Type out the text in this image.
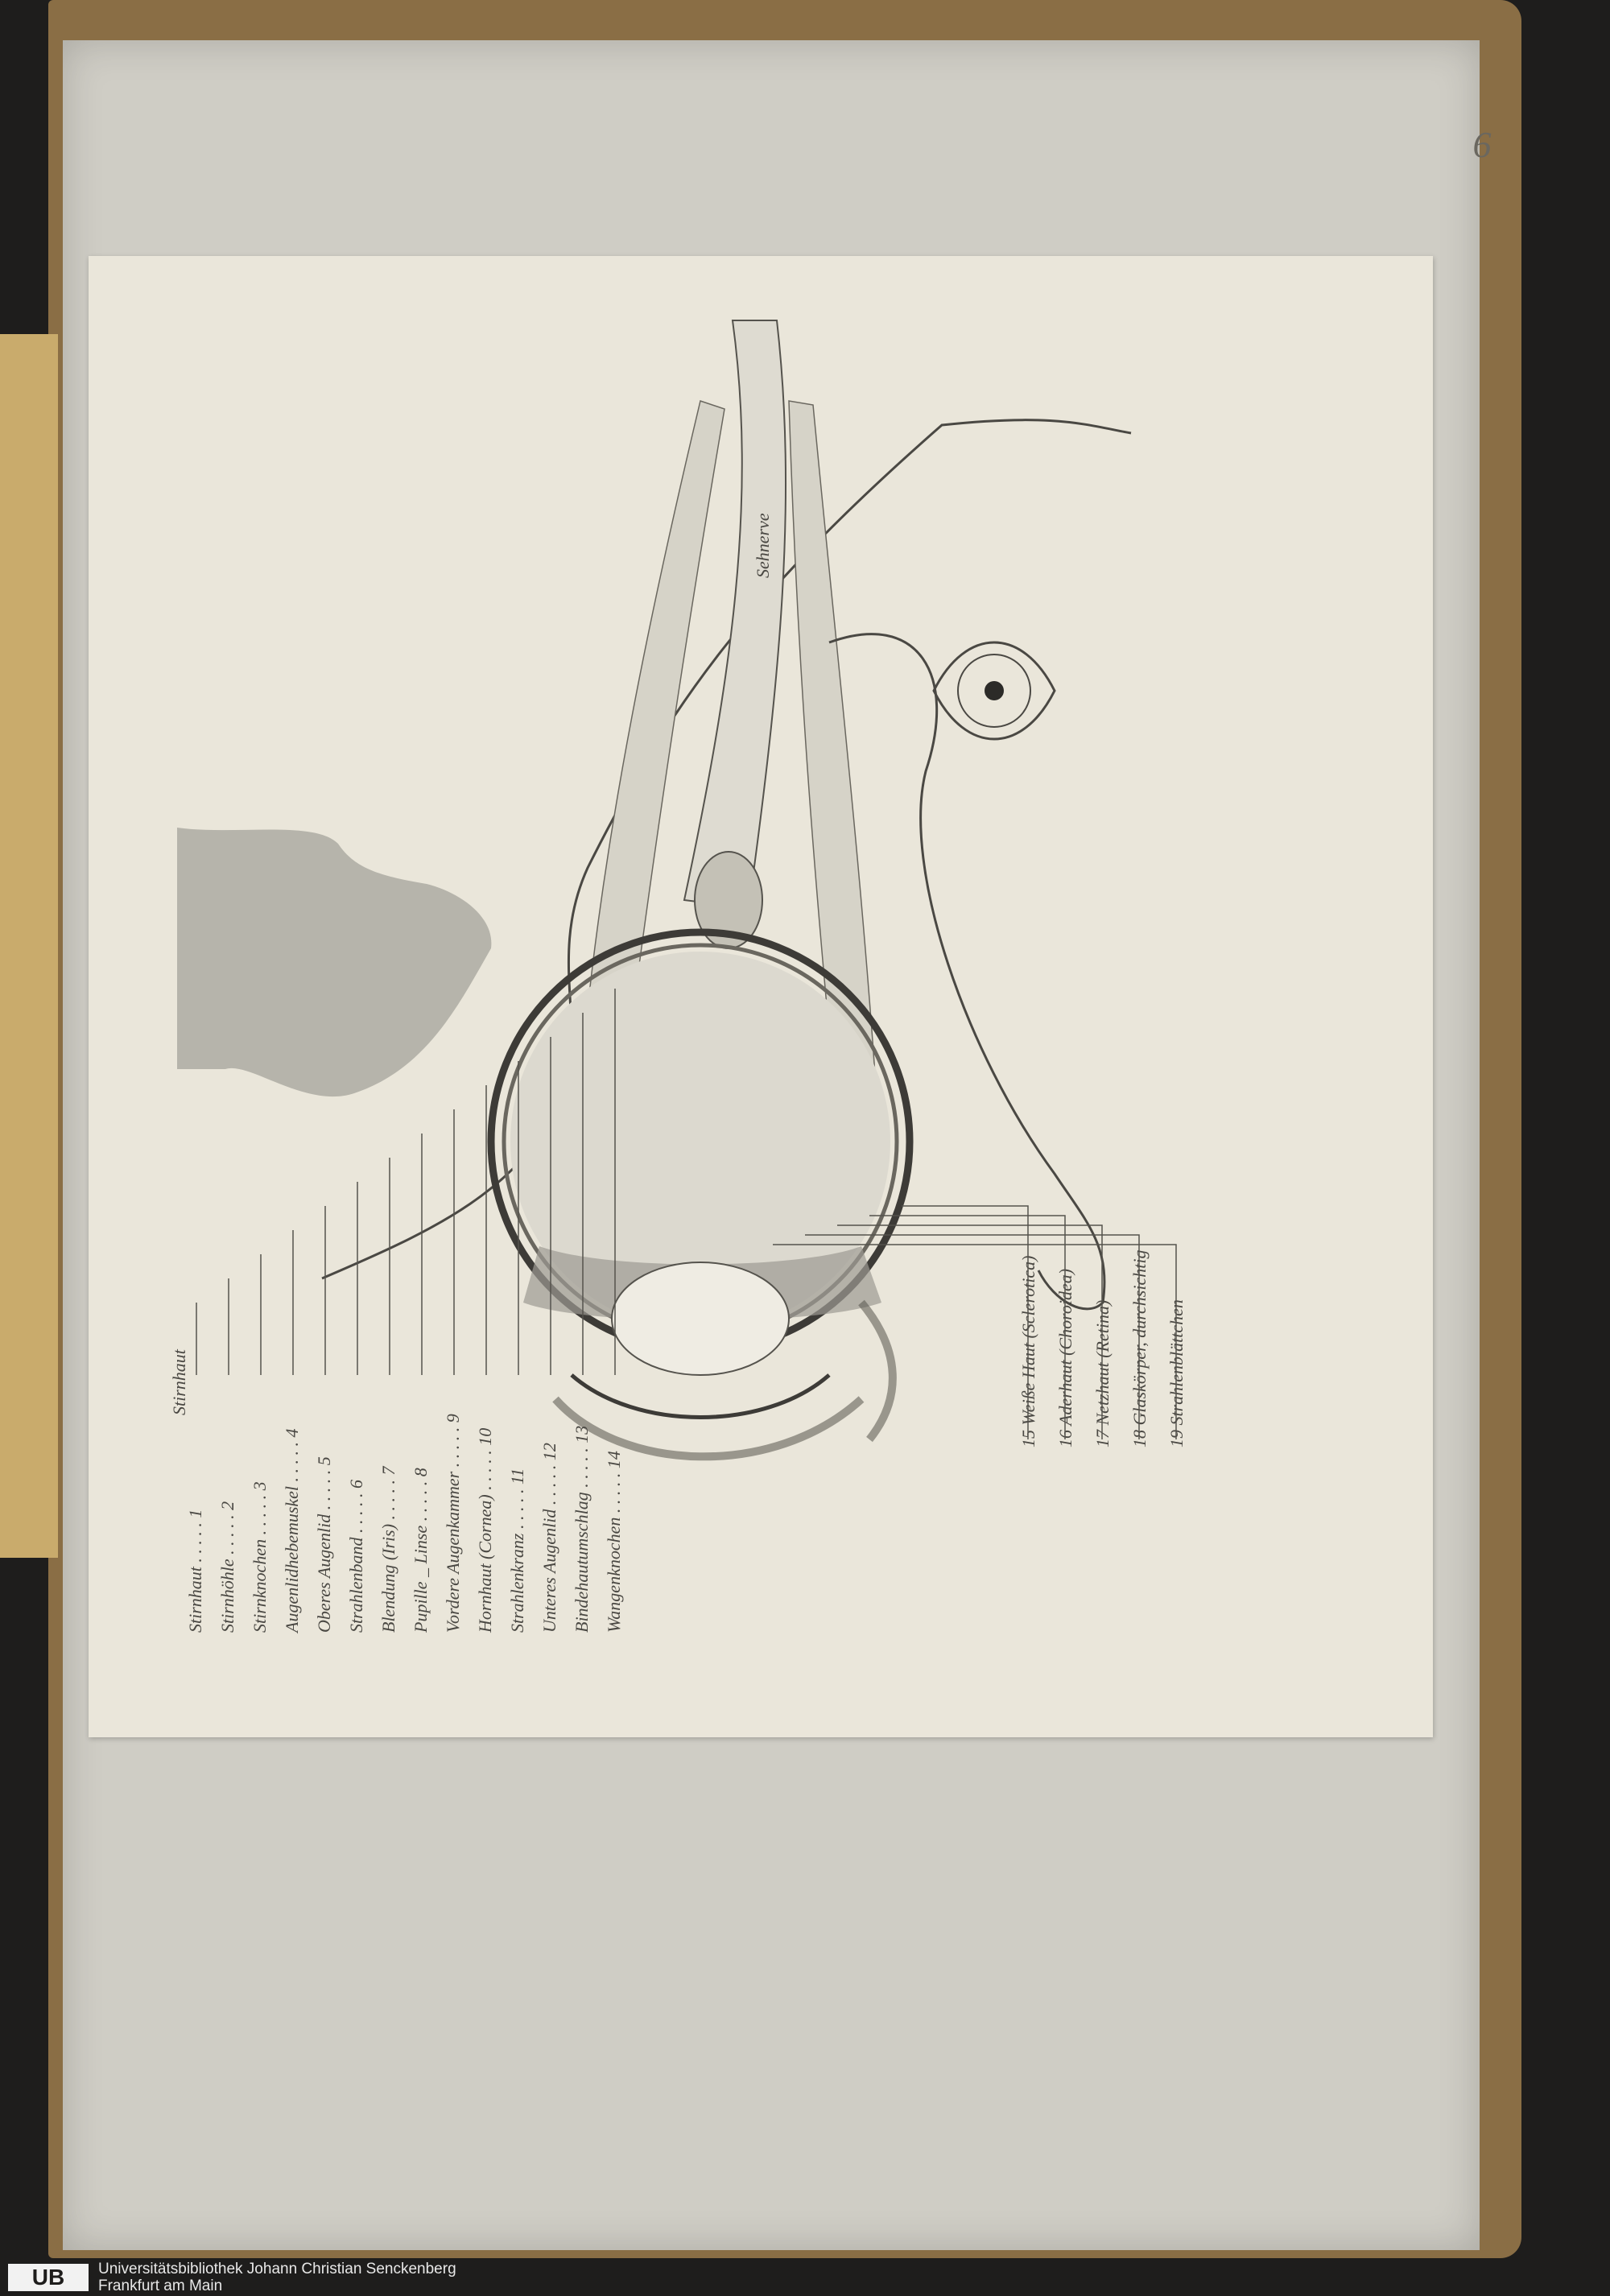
6
Sehnerve
Stirnhaut . . . . . 1 Stirnhöhle . . . . . 2 Stirnknochen . . . . . 3 Augenlidhebemuskel . . . . . 4 Oberes Augenlid . . . . . 5 Strahlenband . . . . . 6 Blendung (Iris) . . . . . 7 Pupille _ Linse . . . . . 8 Vordere Augenkammer . . . . . 9 Hornhaut (Cornea) . . . . . 10 Strahlenkranz . . . . . 11 Unteres Augenlid . . . . . 12 Bindehautumschlag . . . . . 13 Wangenknochen . . . . . 14
15 Weiße Haut (Sclerotica) 16 Aderhaut (Choroidea) 17 Netzhaut (Retina) 18 Glaskörper, durchsichtig 19 Strahlenblättchen
Stirnhaut
UB	Universitätsbibliothek Johann Christian Senckenberg
Frankfurt am Main
